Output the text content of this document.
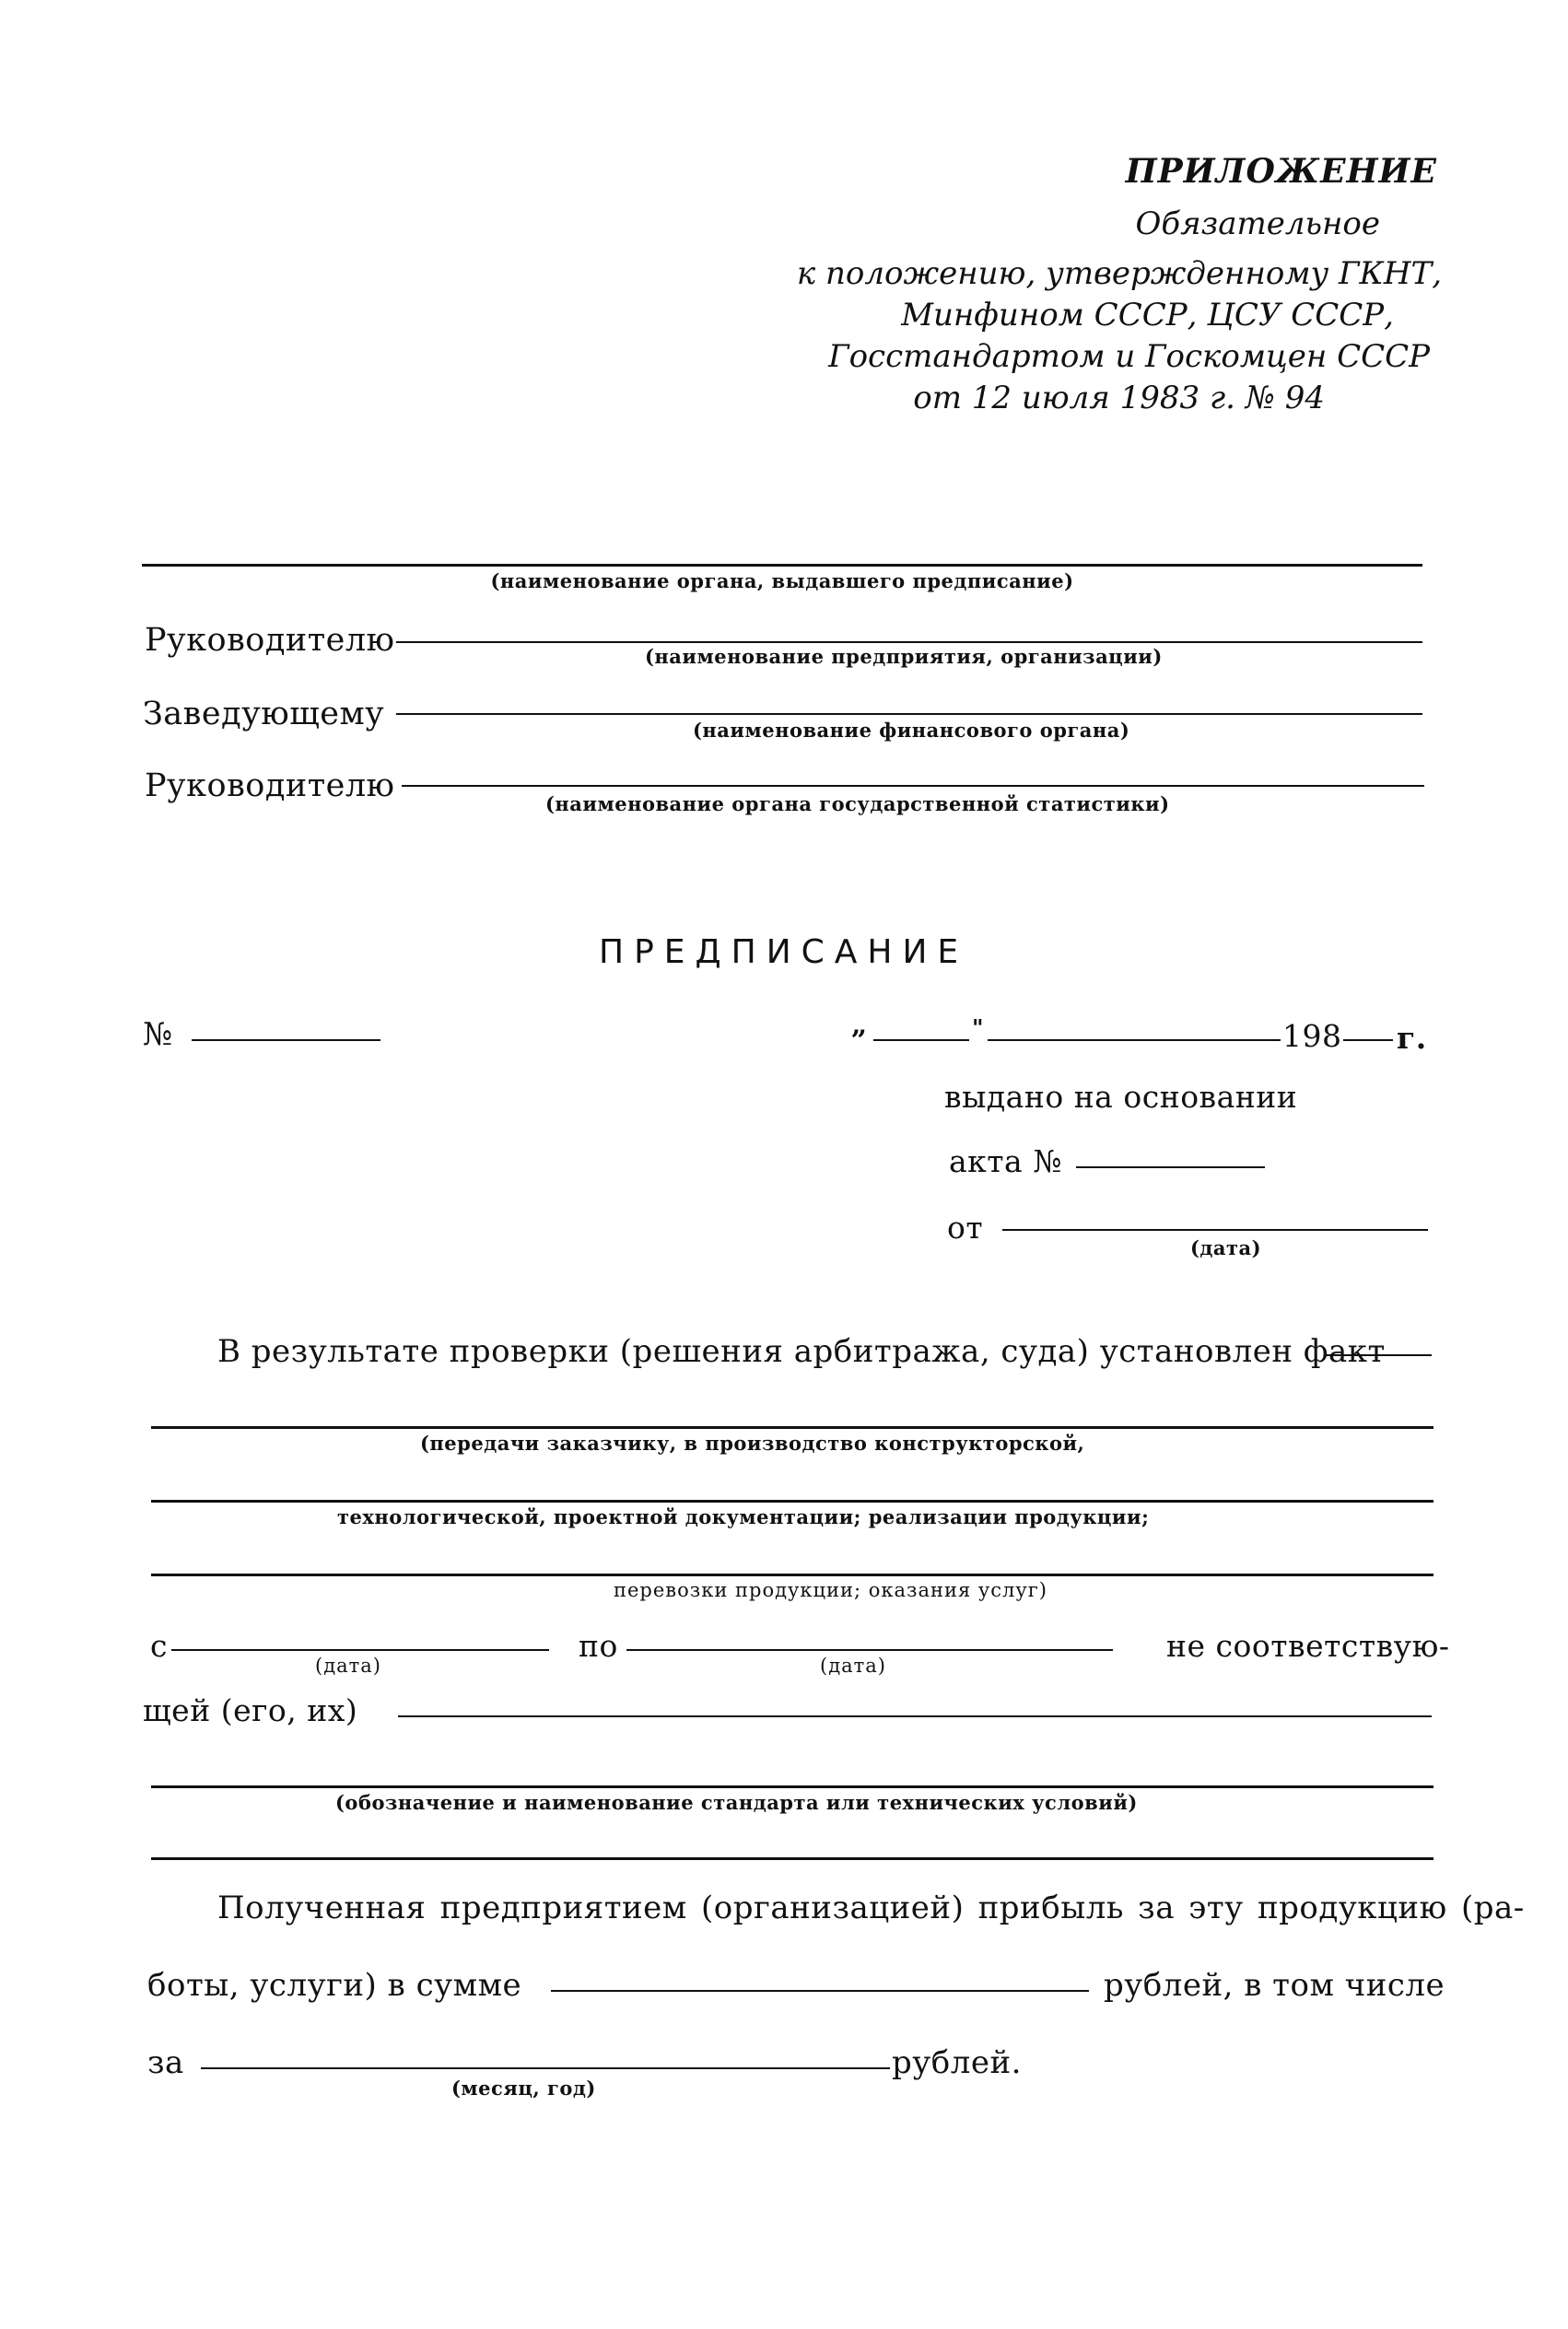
ПРИЛОЖЕНИЕ
Обязательное
к положению, утвержденному ГКНТ,
Минфином СССР, ЦСУ СССР,
Госстандартом и Госкомцен СССР
от 12 июля 1983 г. № 94
(наименование органа, выдавшего предписание)
Руководителю	(наименование предприятия, организации)
Заведующему	(наименование финансового органа)
Руководителю	(наименование органа государственной статистики)
ПРЕДПИСАНИЕ
№	„	"	198 г.
выдано на основании
акта №
от
(дата)
В результате проверки (решения арбитража, суда) установлен факт
(передачи заказчику, в производство конструкторской,
технологической, проектной документации; реализации продукции;
перевозки продукции; оказания услуг)
с
(дата)
по
(дата)
не соответствую-
щей (его, их)
(обозначение и наименование стандарта или технических условий)
Полученная предприятием (организацией) прибыль за эту продукцию (ра-
боты, услуги) в сумме	рублей, в том числе
за	рублей.
(месяц, год)
